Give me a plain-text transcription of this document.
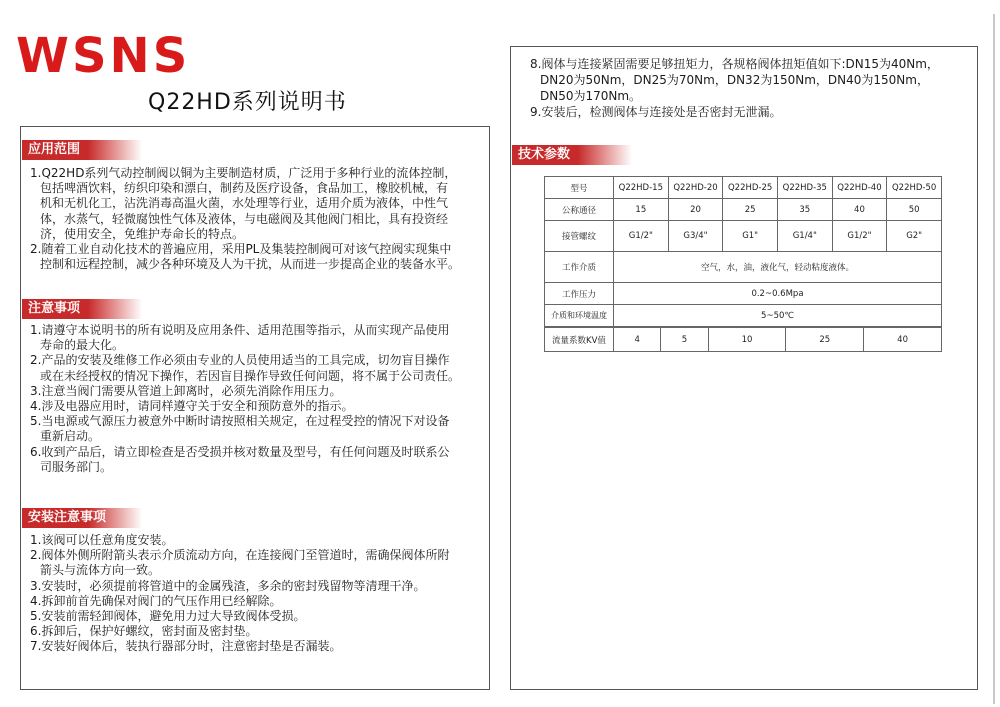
WSNS
Q22HD系列说明书
应用范围
1.Q22HD系列气动控制阀以铜为主要制造材质，广泛用于多种行业的流体控制，
包括啤酒饮料，纺织印染和漂白，制药及医疗设备，食品加工，橡胶机械，有
机和无机化工，沾洗消毒高温火菌，水处理等行业，适用介质为液体，中性气
体，水蒸气，轻微腐蚀性气体及液体，与电磁阀及其他阀门相比，具有投资经
济，使用安全，免维护寿命长的特点。
2.随着工业自动化技术的普遍应用，采用PL及集装控制阀可对该气控阀实现集中
控制和远程控制，减少各种环境及人为干扰，从而进一步提高企业的装备水平。
注意事项
1.请遵守本说明书的所有说明及应用条件、适用范围等指示，从而实现产品使用
寿命的最大化。
2.产品的安装及维修工作必须由专业的人员使用适当的工具完成，切勿盲目操作
或在未经授权的情况下操作，若因盲目操作导致任何问题，将不属于公司责任。
3.注意当阀门需要从管道上卸离时，必须先消除作用压力。
4.涉及电器应用时，请同样遵守关于安全和预防意外的指示。
5.当电源或气源压力被意外中断时请按照相关规定，在过程受控的情况下对设备
重新启动。
6.收到产品后，请立即检查是否受损并核对数量及型号，有任何问题及时联系公
司服务部门。
安装注意事项
1.该阀可以任意角度安装。
2.阀体外侧所附箭头表示介质流动方向，在连接阀门至管道时，需确保阀体所附
箭头与流体方向一致。
3.安装时，必须提前将管道中的金属残渣，多余的密封残留物等清理干净。
4.拆卸前首先确保对阀门的气压作用已经解除。
5.安装前需轻卸阀体，避免用力过大导致阀体受损。
6.拆卸后，保护好螺纹，密封面及密封垫。
7.安装好阀体后，装执行器部分时，注意密封垫是否漏装。
8.阀体与连接紧固需要足够扭矩力，各规格阀体扭矩值如下:DN15为40Nm，
DN20为50Nm，DN25为70Nm，DN32为150Nm，DN40为150Nm，
DN50为170Nm。
9.安装后，检测阀体与连接处是否密封无泄漏。
技术参数
型号	Q22HD-15	Q22HD-20	Q22HD-25	Q22HD-35	Q22HD-40	Q22HD-50
公称通径	15	20	25	35	40	50
接管螺纹	G1/2"	G3/4"	G1"	G1/4"	G1/2"	G2"
工作介质	空气，水，油，液化气，轻动粘度液体。					
工作压力	0.2~0.6Mpa					
介质和环境温度	5~50℃					
流量系数KV值	4	5	10	25	40
